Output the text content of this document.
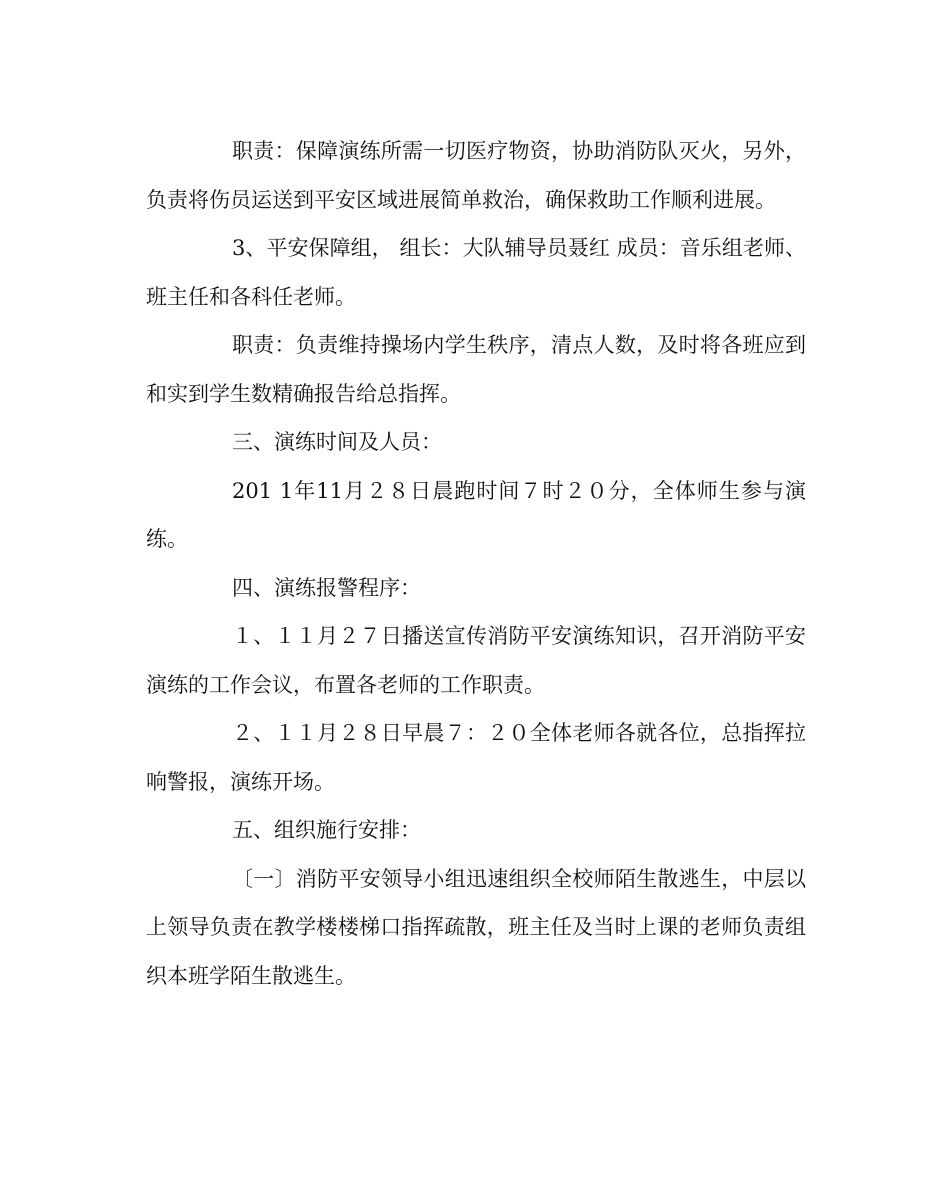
职责：保障演练所需一切医疗物资，协助消防队灭火，另外，负责将伤员运送到平安区域进展简单救治，确保救助工作顺利进展。

3、平安保障组， 组长：大队辅导员聂红 成员：音乐组老师、班主任和各科任老师。

职责：负责维持操场内学生秩序，清点人数，及时将各班应到和实到学生数精确报告给总指挥。

三、演练时间及人员：

201 1年11月２８日晨跑时间７时２０分，全体师生参与演练。

四、演练报警程序：

１、１１月２７日播送宣传消防平安演练知识，召开消防平安演练的工作会议，布置各老师的工作职责。

２、１１月２８日早晨７：２０全体老师各就各位，总指挥拉响警报，演练开场。

五、组织施行安排：

〔一〕消防平安领导小组迅速组织全校师陌生散逃生，中层以上领导负责在教学楼楼梯口指挥疏散，班主任及当时上课的老师负责组织本班学陌生散逃生。
